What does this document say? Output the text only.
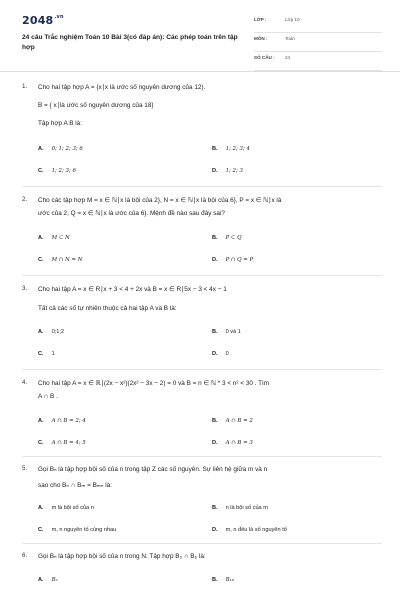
$2048^{.vn}$
24 câu Trắc nghiệm Toán 10 Bài 3(có đáp án): Các phép toán trên tập hợp
LỚP :	Lớp 10
MÔN :	Toán
SỐ CÂU : 24
1. Cho hai tập hợp A = {x∣x là ước số nguyên dương của 12).
B = { x∣là ước số nguyên dương của 18}
Tập hợp A B là:
A. 0; 1; 2; 3; 6	B. 1; 2; 3; 4
C. 1; 2; 3; 6	D. 1; 2; 3
2. Cho các tập hợp M = x ∈ ℕ∣x là bội của 2}, N = x ∈ ℕ∣x là bội của 6}, P = x ∈ ℕ∣x là
ước của 2, Q = x ∈ ℕ∣x là ước của 6}. Mệnh đề nào sau đây sai?
A. M ⊂ N	B. P ⊂ Q
C. M ∩ N = N	D. P ∩ Q = P
3. Cho hai tập A = x ∈ R∣x + 3 < 4 + 2x và B = x ∈ R∣5x − 3 < 4x − 1
Tất cả các số tự nhiên thuộc cả hai tập A và B là:
A. 0;1;2	B. 0 và 1
C. 1	D. 0
4. Cho hai tập A = x ∈ ℝ∣(2x − x²)(2x² − 3x − 2) = 0 và B = n ∈ ℕ * 3 < n² < 30 . Tìm
A ∩ B .
A. A ∩ B = 2; 4	B. A ∩ B = 2
C. A ∩ B = 4; 5	D. A ∩ B = 3
5. Gọi Bₙ là tập hợp bội số của n trong tập Z các số nguyên. Sự liên hệ giữa m và n
sao cho Bₙ ∩ Bₘ = Bₘₙ là:
A. m là bội số của n	B. n là bội số của m
C. m, n nguyên tố cùng nhau	D. m, n đều là số nguyên tố
6. Gọi Bₙ là tập hợp bội số của n trong N. Tập hợp B₃ ∩ B₆ là:
A. B₂	B. B₁₈
